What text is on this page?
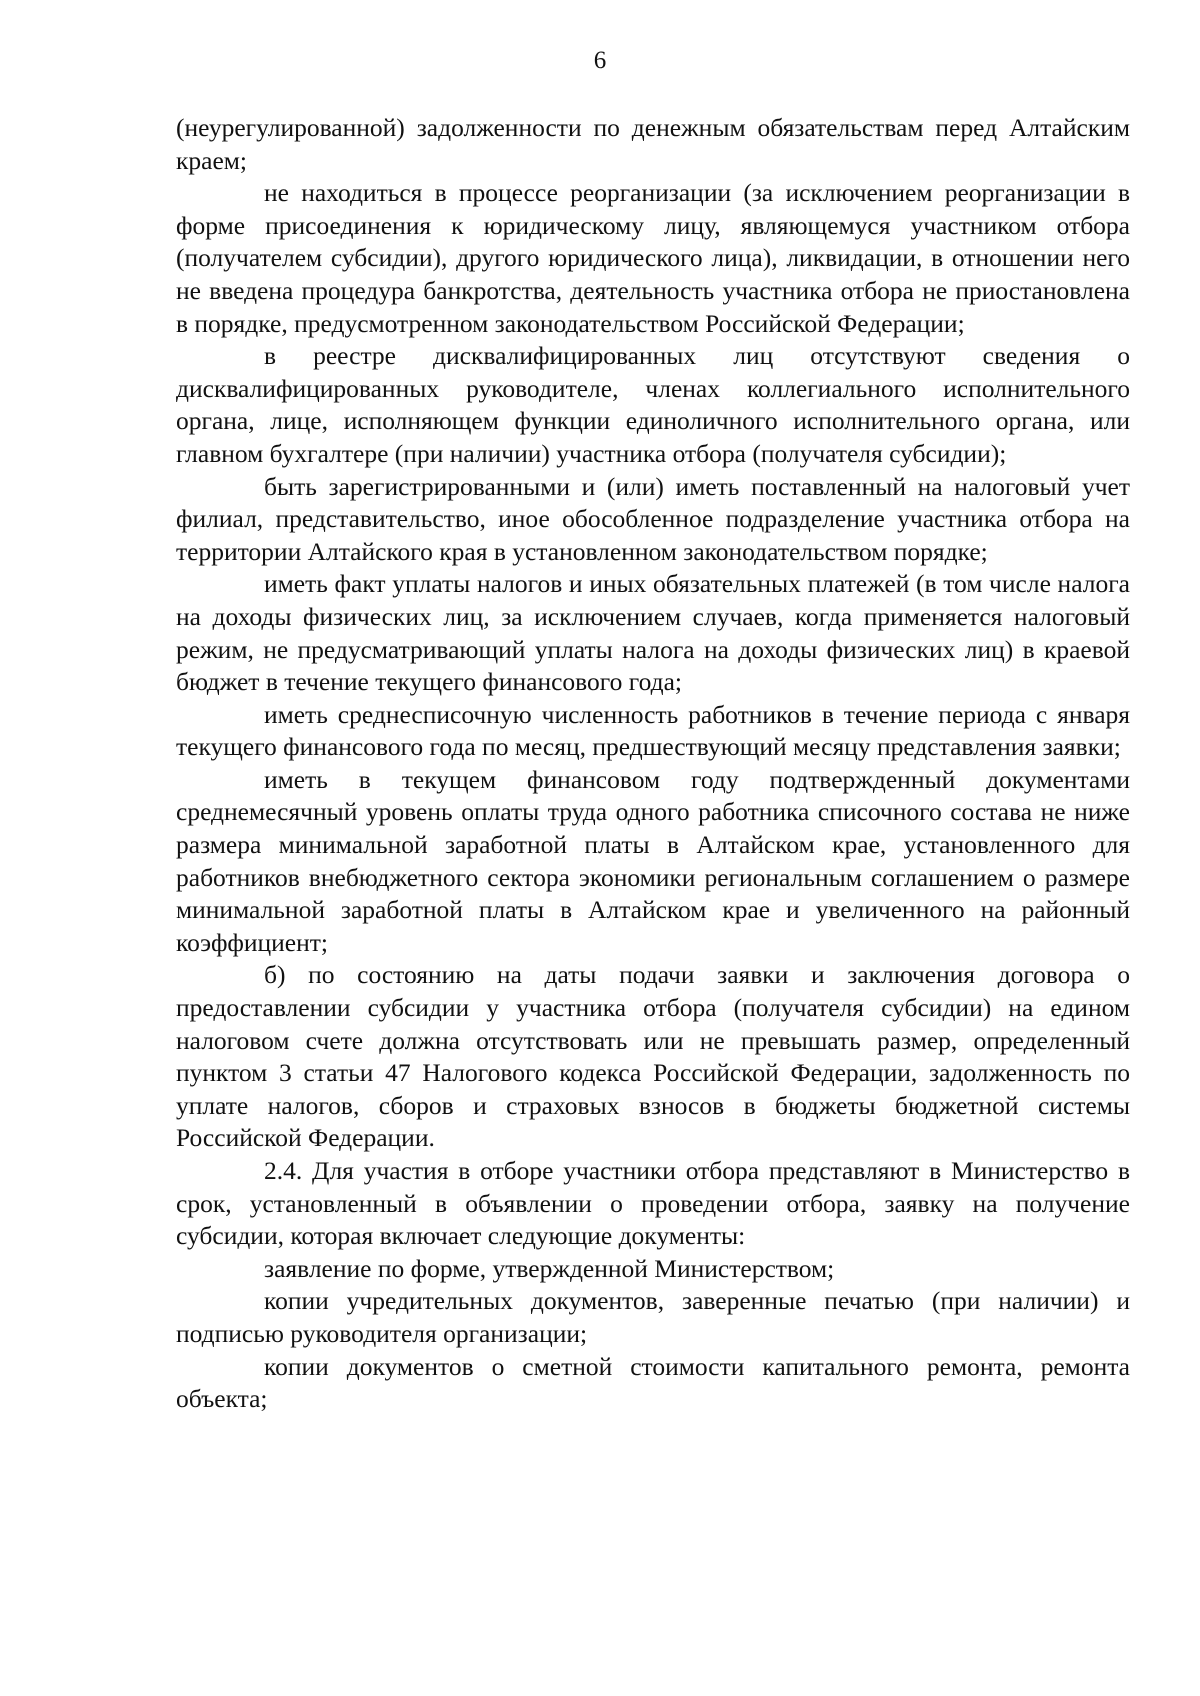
6

(неурегулированной) задолженности по денежным обязательствам перед Алтайским краем;

не находиться в процессе реорганизации (за исключением реорганизации в форме присоединения к юридическому лицу, являющемуся участником отбора (получателем субсидии), другого юридического лица), ликвидации, в отношении него не введена процедура банкротства, деятельность участника отбора не приостановлена в порядке, предусмотренном законодательством Российской Федерации;

в реестре дисквалифицированных лиц отсутствуют сведения о дисквалифицированных руководителе, членах коллегиального исполнительного органа, лице, исполняющем функции единоличного исполнительного органа, или главном бухгалтере (при наличии) участника отбора (получателя субсидии);

быть зарегистрированными и (или) иметь поставленный на налоговый учет филиал, представительство, иное обособленное подразделение участника отбора на территории Алтайского края в установленном законодательством порядке;

иметь факт уплаты налогов и иных обязательных платежей (в том числе налога на доходы физических лиц, за исключением случаев, когда применяется налоговый режим, не предусматривающий уплаты налога на доходы физических лиц) в краевой бюджет в течение текущего финансового года;

иметь среднесписочную численность работников в течение периода с января текущего финансового года по месяц, предшествующий месяцу представления заявки;

иметь в текущем финансовом году подтвержденный документами среднемесячный уровень оплаты труда одного работника списочного состава не ниже размера минимальной заработной платы в Алтайском крае, установленного для работников внебюджетного сектора экономики региональным соглашением о размере минимальной заработной платы в Алтайском крае и увеличенного на районный коэффициент;

б) по состоянию на даты подачи заявки и заключения договора о предоставлении субсидии у участника отбора (получателя субсидии) на едином налоговом счете должна отсутствовать или не превышать размер, определенный пунктом 3 статьи 47 Налогового кодекса Российской Федерации, задолженность по уплате налогов, сборов и страховых взносов в бюджеты бюджетной системы Российской Федерации.

2.4. Для участия в отборе участники отбора представляют в Министерство в срок, установленный в объявлении о проведении отбора, заявку на получение субсидии, которая включает следующие документы:

заявление по форме, утвержденной Министерством;

копии учредительных документов, заверенные печатью (при наличии) и подписью руководителя организации;

копии документов о сметной стоимости капитального ремонта, ремонта объекта;
